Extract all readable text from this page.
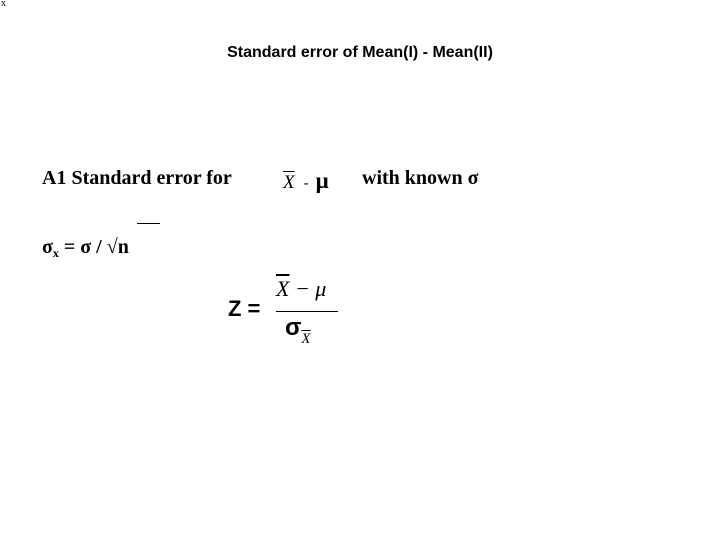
x
Standard error of Mean(I) - Mean(II)
A1 Standard error for	$\overline{X}$ - μ with known σ
$\sigma_x = \sigma / √n$
Z =
$\overline{X} - \mu$
$\sigma_{\overline{X}}$
